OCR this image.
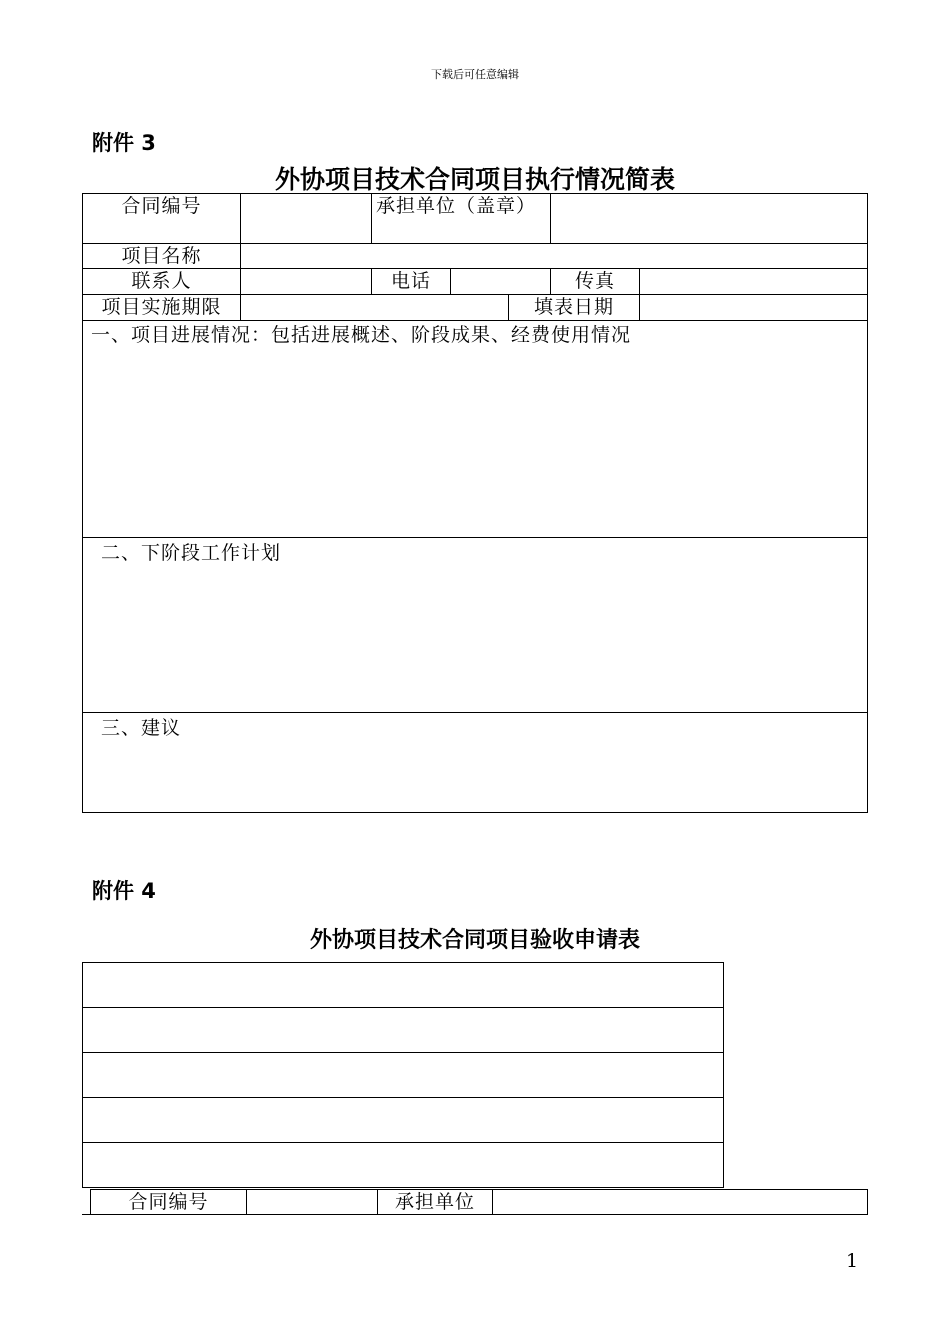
下载后可任意编辑
附件 3
外协项目技术合同项目执行情况简表
合同编号		承担单位（盖章）				
项目名称						
联系人		电话			传真	
项目实施期限				填表日期		
一、项目进展情况：包括进展概述、阶段成果、经费使用情况						
二、下阶段工作计划						
三、建议						
附件 4
外协项目技术合同项目验收申请表

合同编号		承担单位	
1
